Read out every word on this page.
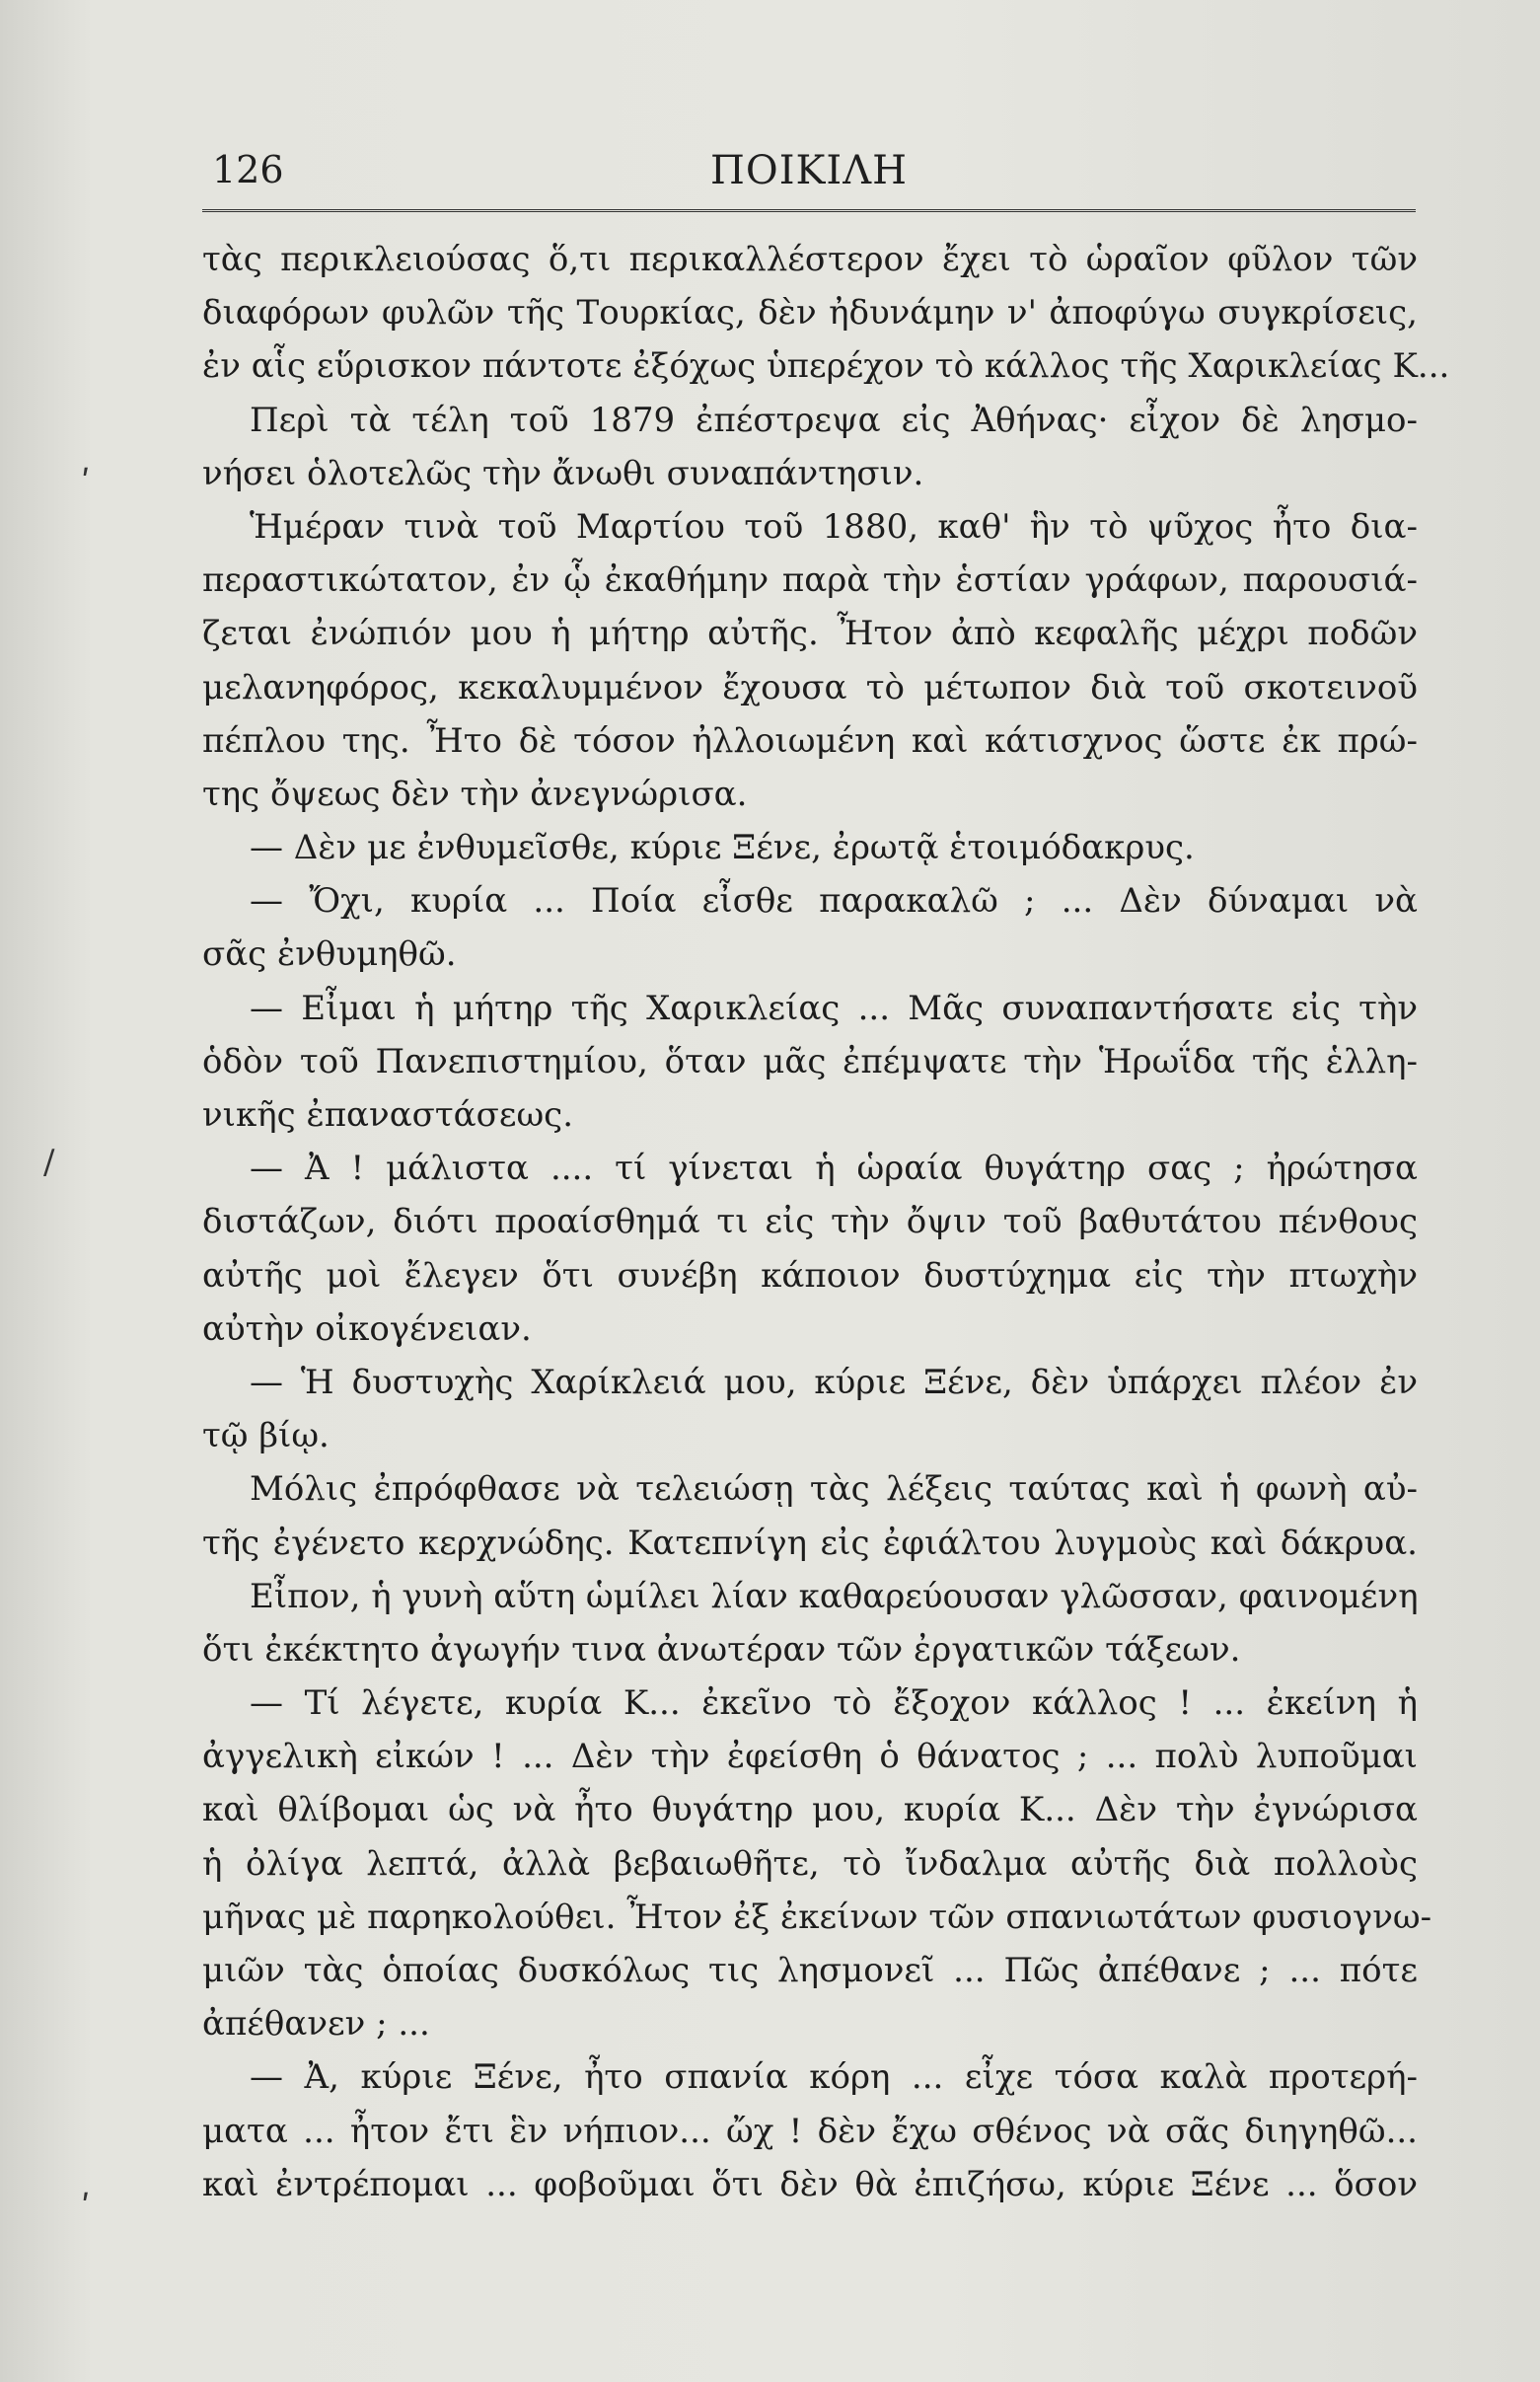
126	ΠΟΙΚΙΛΗ
ʹ
/
ʹ
τὰς περικλειούσας ὅ,τι περικαλλέστερον ἔχει τὸ ὡραῖον φῦλον τῶν
διαφόρων φυλῶν τῆς Τουρκίας, δὲν ἠδυνάμην ν' ἀποφύγω συγκρίσεις,
ἐν αἷς εὕρισκον πάντοτε ἐξόχως ὑπερέχον τὸ κάλλος τῆς Χαρικλείας Κ...
Περὶ τὰ τέλη τοῦ 1879 ἐπέστρεψα εἰς Ἀθήνας· εἶχον δὲ λησμο-
νήσει ὁλοτελῶς τὴν ἄνωθι συναπάντησιν.
Ἡμέραν τινὰ τοῦ Μαρτίου τοῦ 1880, καθ' ἣν τὸ ψῦχος ἦτο δια-
περαστικώτατον, ἐν ᾧ ἐκαθήμην παρὰ τὴν ἑστίαν γράφων, παρουσιά-
ζεται ἐνώπιόν μου ἡ μήτηρ αὐτῆς. Ἦτον ἀπὸ κεφαλῆς μέχρι ποδῶν
μελανηφόρος, κεκαλυμμένον ἔχουσα τὸ μέτωπον διὰ τοῦ σκοτεινοῦ
πέπλου της. Ἦτο δὲ τόσον ἠλλοιωμένη καὶ κάτισχνος ὥστε ἐκ πρώ-
της ὄψεως δὲν τὴν ἀνεγνώρισα.
— Δὲν με ἐνθυμεῖσθε, κύριε Ξένε, ἐρωτᾷ ἑτοιμόδακρυς.
— Ὄχι, κυρία ... Ποία εἶσθε παρακαλῶ ; ... Δὲν δύναμαι νὰ
σᾶς ἐνθυμηθῶ.
— Εἶμαι ἡ μήτηρ τῆς Χαρικλείας ... Μᾶς συναπαντήσατε εἰς τὴν
ὁδὸν τοῦ Πανεπιστημίου, ὅταν μᾶς ἐπέμψατε τὴν Ἡρωΐδα τῆς ἑλλη-
νικῆς ἐπαναστάσεως.
— Ἀ ! μάλιστα .... τί γίνεται ἡ ὡραία θυγάτηρ σας ; ἠρώτησα
διστάζων, διότι προαίσθημά τι εἰς τὴν ὄψιν τοῦ βαθυτάτου πένθους
αὐτῆς μοὶ ἔλεγεν ὅτι συνέβη κάποιον δυστύχημα εἰς τὴν πτωχὴν
αὐτὴν οἰκογένειαν.
— Ἡ δυστυχὴς Χαρίκλειά μου, κύριε Ξένε, δὲν ὑπάρχει πλέον ἐν
τῷ βίῳ.
Μόλις ἐπρόφθασε νὰ τελειώσῃ τὰς λέξεις ταύτας καὶ ἡ φωνὴ αὐ-
τῆς ἐγένετο κερχνώδης. Κατεπνίγη εἰς ἐφιάλτου λυγμοὺς καὶ δάκρυα.
Εἶπον, ἡ γυνὴ αὕτη ὡμίλει λίαν καθαρεύουσαν γλῶσσαν, φαινομένη
ὅτι ἐκέκτητο ἀγωγήν τινα ἀνωτέραν τῶν ἐργατικῶν τάξεων.
— Τί λέγετε, κυρία Κ... ἐκεῖνο τὸ ἔξοχον κάλλος ! ... ἐκείνη ἡ
ἀγγελικὴ εἰκών ! ... Δὲν τὴν ἐφείσθη ὁ θάνατος ; ... πολὺ λυποῦμαι
καὶ θλίβομαι ὡς νὰ ἦτο θυγάτηρ μου, κυρία Κ... Δὲν τὴν ἐγνώρισα
ἡ ὀλίγα λεπτά, ἀλλὰ βεβαιωθῆτε, τὸ ἴνδαλμα αὐτῆς διὰ πολλοὺς
μῆνας μὲ παρηκολούθει. Ἦτον ἐξ ἐκείνων τῶν σπανιωτάτων φυσιογνω-
μιῶν τὰς ὁποίας δυσκόλως τις λησμονεῖ ... Πῶς ἀπέθανε ; ... πότε
ἀπέθανεν ; ...
— Ἀ, κύριε Ξένε, ἦτο σπανία κόρη ... εἶχε τόσα καλὰ προτερή-
ματα ... ἦτον ἔτι ἓν νήπιον... ὤχ ! δὲν ἔχω σθένος νὰ σᾶς διηγηθῶ...
καὶ ἐντρέπομαι ... φοβοῦμαι ὅτι δὲν θὰ ἐπιζήσω, κύριε Ξένε ... ὅσον
